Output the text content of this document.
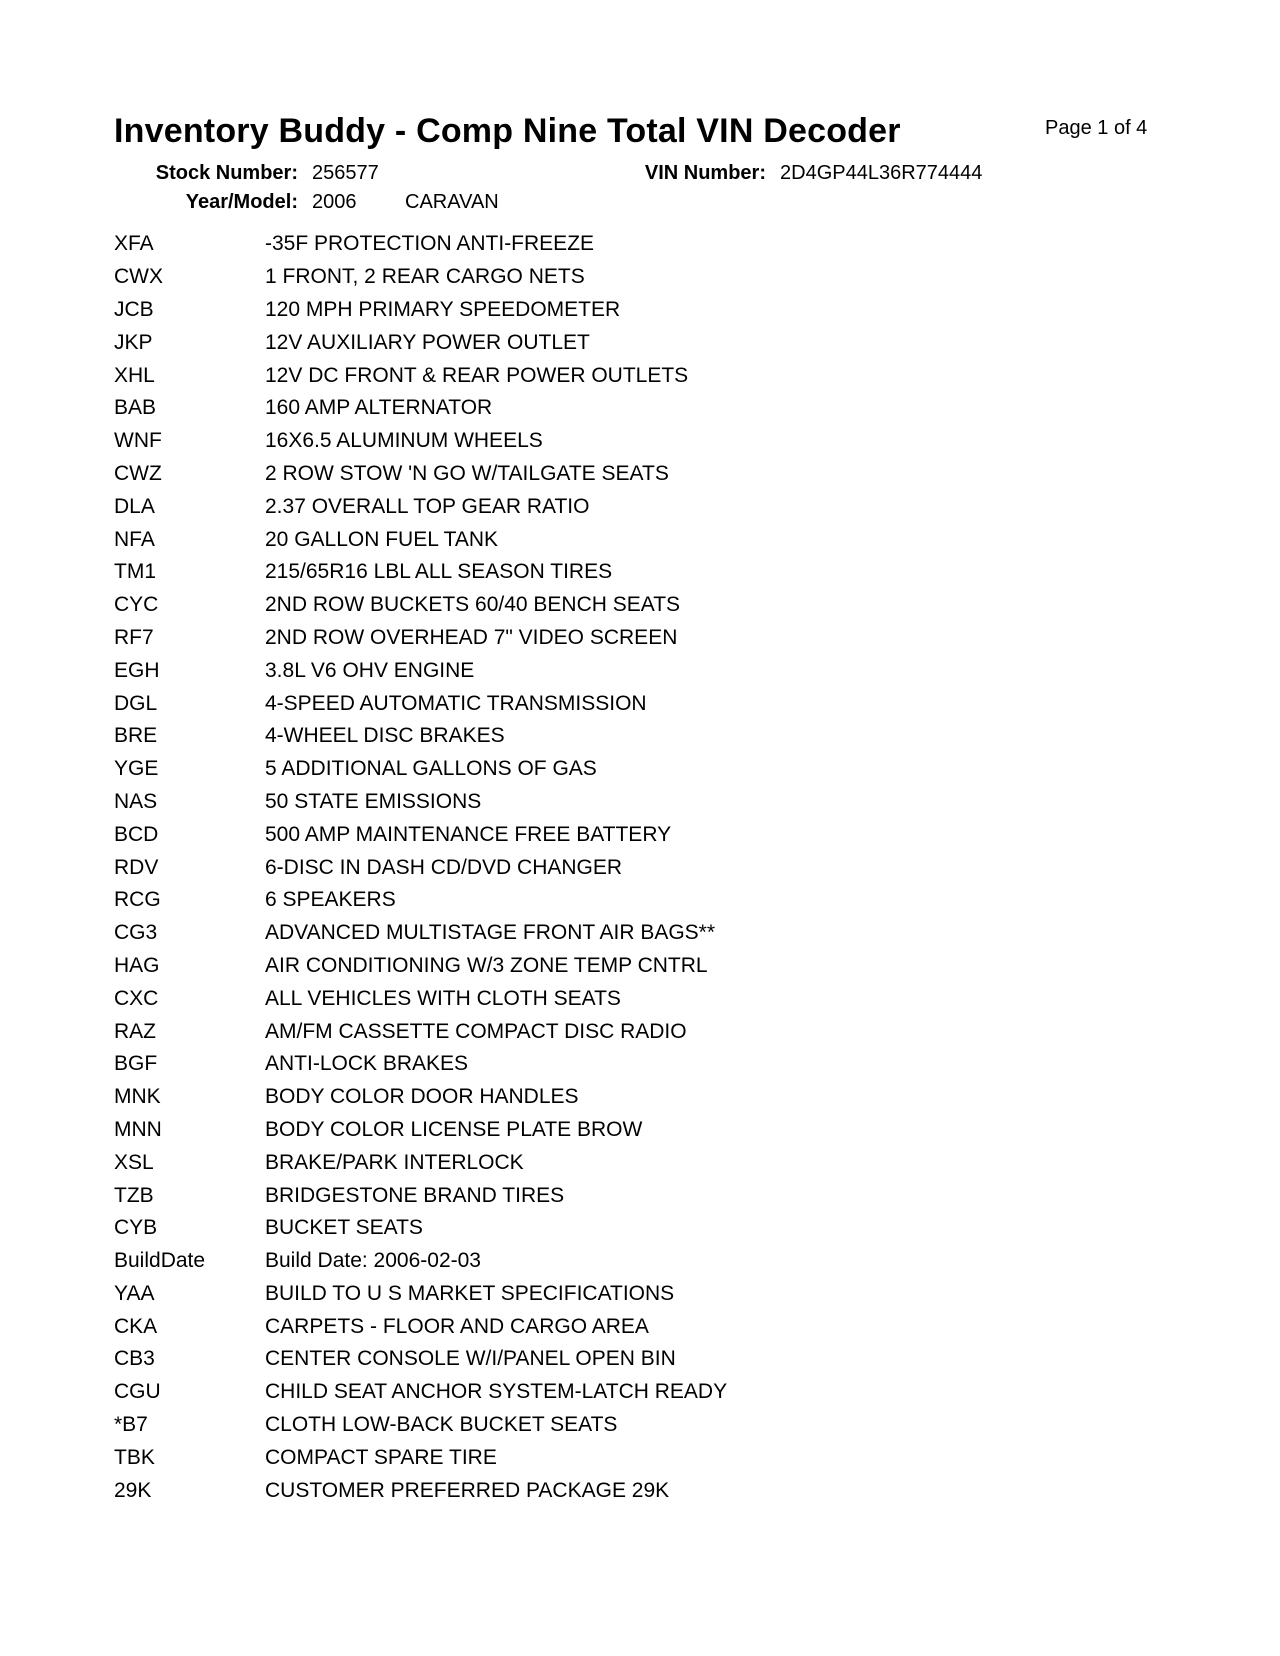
Inventory Buddy - Comp Nine Total VIN Decoder	Page 1 of 4
Stock Number: 256577	VIN Number: 2D4GP44L36R774444
Year/Model: 2006 CARAVAN
XFA	-35F PROTECTION ANTI-FREEZE
CWX	1 FRONT, 2 REAR CARGO NETS
JCB	120 MPH PRIMARY SPEEDOMETER
JKP	12V AUXILIARY POWER OUTLET
XHL	12V DC FRONT & REAR POWER OUTLETS
BAB	160 AMP ALTERNATOR
WNF	16X6.5 ALUMINUM WHEELS
CWZ	2 ROW STOW 'N GO W/TAILGATE SEATS
DLA	2.37 OVERALL TOP GEAR RATIO
NFA	20 GALLON FUEL TANK
TM1	215/65R16 LBL ALL SEASON TIRES
CYC	2ND ROW BUCKETS 60/40 BENCH SEATS
RF7	2ND ROW OVERHEAD 7" VIDEO SCREEN
EGH	3.8L V6 OHV ENGINE
DGL	4-SPEED AUTOMATIC TRANSMISSION
BRE	4-WHEEL DISC BRAKES
YGE	5 ADDITIONAL GALLONS OF GAS
NAS	50 STATE EMISSIONS
BCD	500 AMP MAINTENANCE FREE BATTERY
RDV	6-DISC IN DASH CD/DVD CHANGER
RCG	6 SPEAKERS
CG3	ADVANCED MULTISTAGE FRONT AIR BAGS**
HAG	AIR CONDITIONING W/3 ZONE TEMP CNTRL
CXC	ALL VEHICLES WITH CLOTH SEATS
RAZ	AM/FM CASSETTE COMPACT DISC RADIO
BGF	ANTI-LOCK BRAKES
MNK	BODY COLOR DOOR HANDLES
MNN	BODY COLOR LICENSE PLATE BROW
XSL	BRAKE/PARK INTERLOCK
TZB	BRIDGESTONE BRAND TIRES
CYB	BUCKET SEATS
BuildDate	Build Date: 2006-02-03
YAA	BUILD TO U S MARKET SPECIFICATIONS
CKA	CARPETS - FLOOR AND CARGO AREA
CB3	CENTER CONSOLE W/I/PANEL OPEN BIN
CGU	CHILD SEAT ANCHOR SYSTEM-LATCH READY
*B7	CLOTH LOW-BACK BUCKET SEATS
TBK	COMPACT SPARE TIRE
29K	CUSTOMER PREFERRED PACKAGE 29K
